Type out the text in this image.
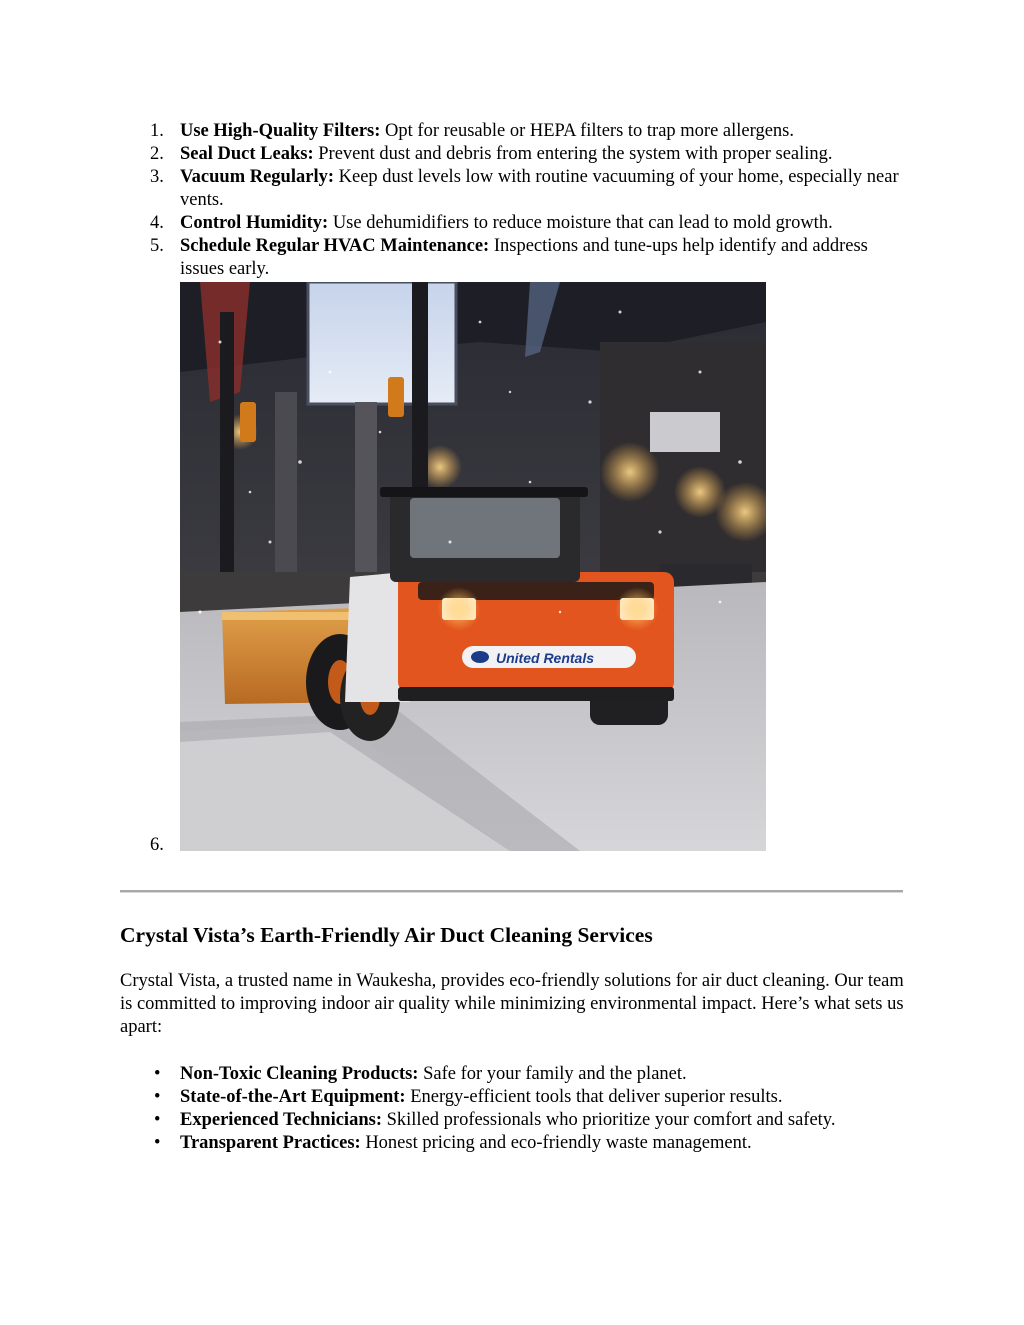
1. Use High-Quality Filters: Opt for reusable or HEPA filters to trap more allergens.
2. Seal Duct Leaks: Prevent dust and debris from entering the system with proper sealing.
3. Vacuum Regularly: Keep dust levels low with routine vacuuming of your home, especially near vents.
4. Control Humidity: Use dehumidifiers to reduce moisture that can lead to mold growth.
5. Schedule Regular HVAC Maintenance: Inspections and tune-ups help identify and address issues early.
6.
United Rentals
Crystal Vista’s Earth-Friendly Air Duct Cleaning Services

Crystal Vista, a trusted name in Waukesha, provides eco-friendly solutions for air duct cleaning. Our team is committed to improving indoor air quality while minimizing environmental impact. Here’s what sets us apart:

• Non-Toxic Cleaning Products: Safe for your family and the planet.
• State-of-the-Art Equipment: Energy-efficient tools that deliver superior results.
• Experienced Technicians: Skilled professionals who prioritize your comfort and safety.
• Transparent Practices: Honest pricing and eco-friendly waste management.
